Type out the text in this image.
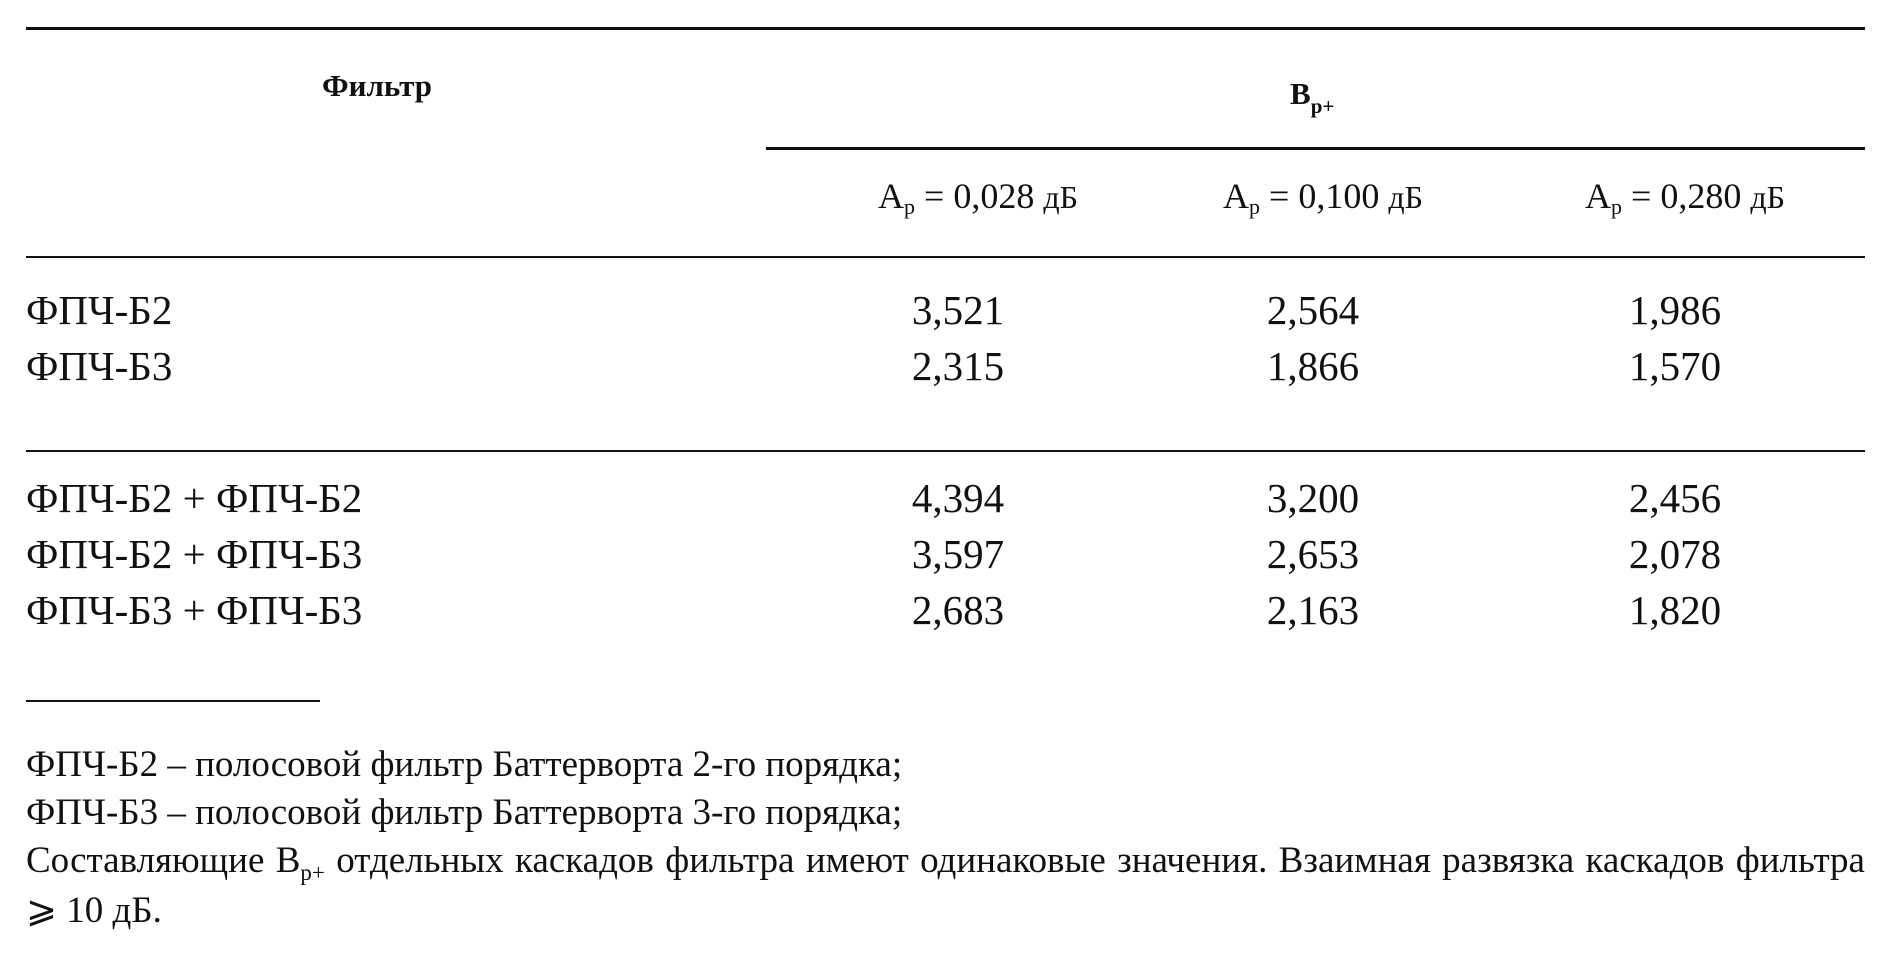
Фильтр	$B_{р+}$
$A_р = 0,028$ дБ	$A_р = 0,100$ дБ	$A_р = 0,280$ дБ
ФПЧ-Б2	3,521	2,564	1,986
ФПЧ-Б3	2,315	1,866	1,570
ФПЧ-Б2 + ФПЧ-Б2	4,394	3,200	2,456
ФПЧ-Б2 + ФПЧ-Б3	3,597	2,653	2,078
ФПЧ-Б3 + ФПЧ-Б3	2,683	2,163	1,820
ФПЧ-Б2 – полосовой фильтр Баттерворта 2-го порядка;
ФПЧ-Б3 – полосовой фильтр Баттерворта 3-го порядка;
Составляющие $B_{р+}$ отдельных каскадов фильтра имеют одинаковые значения. Взаимная развязка каскадов фильтра ⩾ 10 дБ.
